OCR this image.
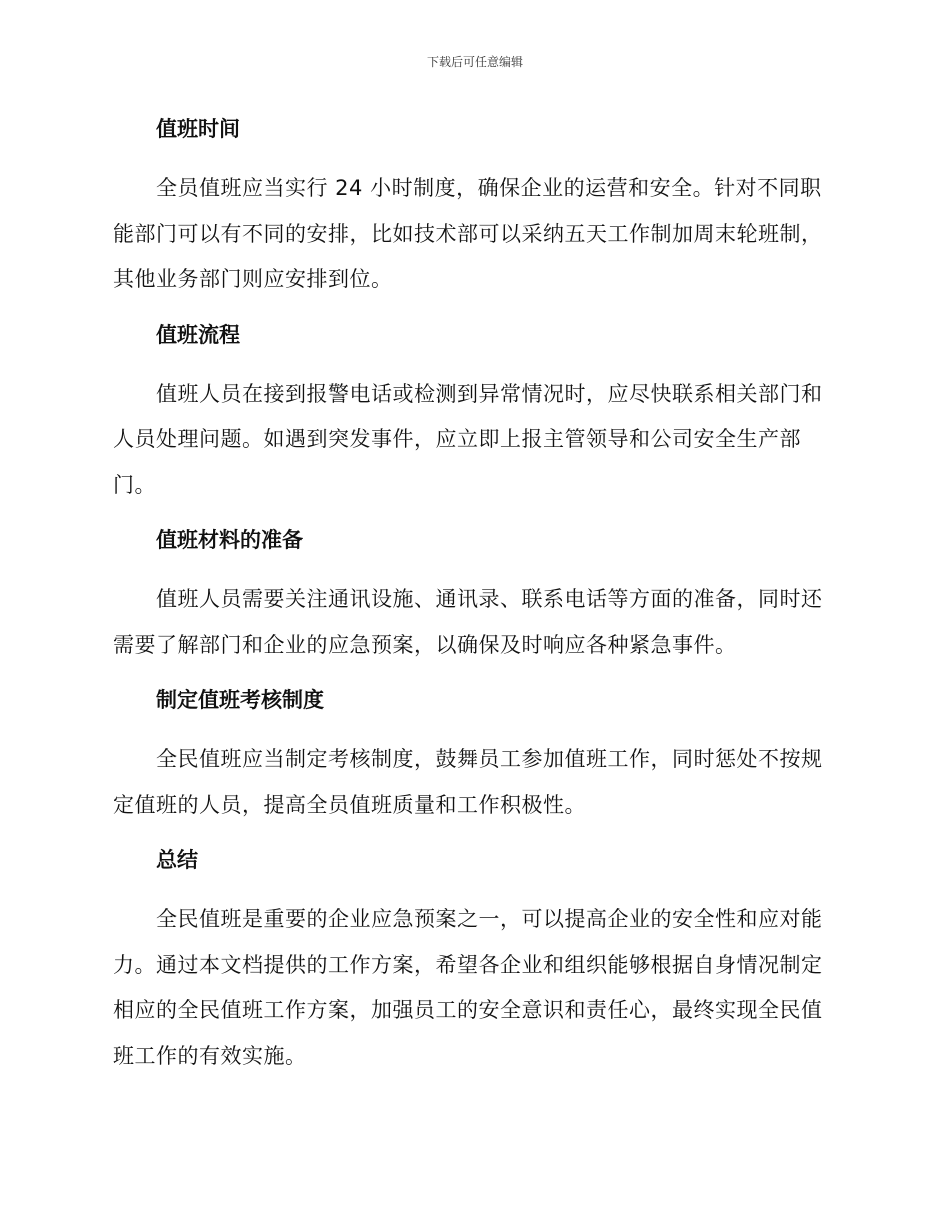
下载后可任意编辑
值班时间

全员值班应当实行 24 小时制度，确保企业的运营和安全。针对不同职能部门可以有不同的安排，比如技术部可以采纳五天工作制加周末轮班制，其他业务部门则应安排到位。

值班流程

值班人员在接到报警电话或检测到异常情况时，应尽快联系相关部门和人员处理问题。如遇到突发事件，应立即上报主管领导和公司安全生产部门。

值班材料的准备

值班人员需要关注通讯设施、通讯录、联系电话等方面的准备，同时还需要了解部门和企业的应急预案，以确保及时响应各种紧急事件。

制定值班考核制度

全民值班应当制定考核制度，鼓舞员工参加值班工作，同时惩处不按规定值班的人员，提高全员值班质量和工作积极性。

总结

全民值班是重要的企业应急预案之一，可以提高企业的安全性和应对能力。通过本文档提供的工作方案，希望各企业和组织能够根据自身情况制定相应的全民值班工作方案，加强员工的安全意识和责任心，最终实现全民值班工作的有效实施。
